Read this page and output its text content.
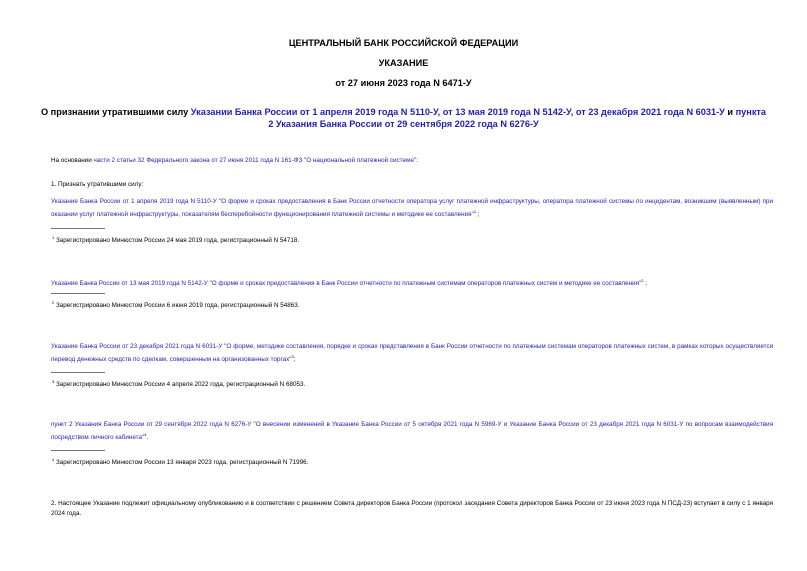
ЦЕНТРАЛЬНЫЙ БАНК РОССИЙСКОЙ ФЕДЕРАЦИИ
УКАЗАНИЕ
от 27 июня 2023 года N 6471-У
О признании утратившими силу Указании Банка России от 1 апреля 2019 года N 5110-У, от 13 мая 2019 года N 5142-У, от 23 декабря 2021 года N 6031-У и пункта 2 Указания Банка России от 29 сентября 2022 года N 6276-У
На основании части 2 статьи 32 Федерального закона от 27 июня 2011 года N 161-ФЗ "О национальной платежной системе":
1. Признать утратившими силу:
Указание Банка России от 1 апреля 2019 года N 5110-У "О форме и сроках предоставления в Банк России отчетности оператора услуг платежной инфраструктуры, оператора платежной системы по инцидентам, возникшим (выявленным) при оказании услуг платежной инфраструктуры, показателям бесперебойности функционирования платежной системы и методике ее составления"$^1$ ;
$^1$ Зарегистрировано Минюстом России 24 мая 2019 года, регистрационный N 54718.
Указание Банка России от 13 мая 2019 года N 5142-У "О форме и сроках предоставления в Банк России отчетности по платежным системам операторов платежных систем и методике ее составления"$^2$ ;
$^2$ Зарегистрировано Минюстом России 6 июня 2019 года, регистрационный N 54863.
Указание Банка России от 23 декабря 2021 года N 6031-У "О форме, методике составления, порядке и сроках представления в Банк России отчетности по платежным системам операторов платежных систем, в рамках которых осуществляется перевод денежных средств по сделкам, совершенным на организованных торгах"$^3$;
$^3$ Зарегистрировано Минюстом России 4 апреля 2022 года, регистрационный N 68053.
пункт 2 Указания Банка России от 29 сентября 2022 года N 6276-У "О внесении изменений в Указание Банка России от 5 октября 2021 года N 5969-У и Указание Банка России от 23 декабря 2021 года N 6031-У по вопросам взаимодействия посредством личного кабинета"$^4$.
$^4$ Зарегистрировано Минюстом России 13 января 2023 года, регистрационный N 71996.
2. Настоящее Указание подлежит официальному опубликованию и в соответствии с решением Совета директоров Банка России (протокол заседания Совета директоров Банка России от 23 июня 2023 года N ПСД-23) вступает в силу с 1 января 2024 года.
